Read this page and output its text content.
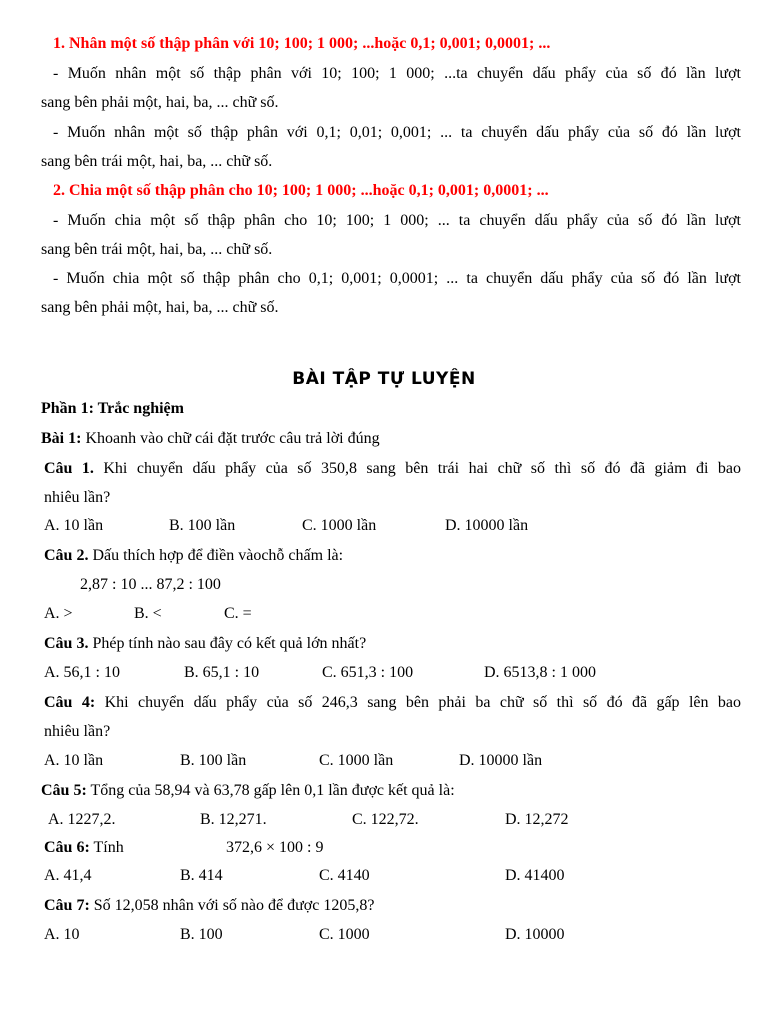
1. Nhân một số thập phân với 10; 100; 1 000; ...hoặc 0,1; 0,001; 0,0001; ...
- Muốn nhân một số thập phân với 10; 100; 1 000; ...ta chuyển dấu phẩy của số đó lần lượt
sang bên phải một, hai, ba, ... chữ số.
- Muốn nhân một số thập phân với 0,1; 0,01; 0,001; ... ta chuyển dấu phẩy của số đó lần lượt
sang bên trái một, hai, ba, ... chữ số.
2. Chia một số thập phân cho 10; 100; 1 000; ...hoặc 0,1; 0,001; 0,0001; ...
- Muốn chia một số thập phân cho 10; 100; 1 000; ... ta chuyển dấu phẩy của số đó lần lượt
sang bên trái một, hai, ba, ... chữ số.
- Muốn chia một số thập phân cho 0,1; 0,001; 0,0001; ... ta chuyển dấu phẩy của số đó lần lượt
sang bên phải một, hai, ba, ... chữ số.
BÀI TẬP TỰ LUYỆN
Phần 1: Trắc nghiệm
Bài 1: Khoanh vào chữ cái đặt trước câu trả lời đúng
Câu 1. Khi chuyển dấu phẩy của số 350,8 sang bên trái hai chữ số thì số đó đã giảm đi bao
nhiêu lần?
A. 10 lần	B. 100 lần	C. 1000 lần	D. 10000 lần
Câu 2. Dấu thích hợp để điền vàochỗ chấm là:
2,87 : 10 ... 87,2 : 100
A. >	B. <	C. =
Câu 3. Phép tính nào sau đây có kết quả lớn nhất?
A. 56,1 : 10	B. 65,1 : 10	C. 651,3 : 100	D. 6513,8 : 1 000
Câu 4: Khi chuyển dấu phẩy của số 246,3 sang bên phải ba chữ số thì số đó đã gấp lên bao
nhiêu lần?
A. 10 lần	B. 100 lần	C. 1000 lần	D. 10000 lần
Câu 5: Tổng của 58,94 và 63,78 gấp lên 0,1 lần được kết quả là:
A. 1227,2.	B. 12,271.	C. 122,72.	D. 12,272
Câu 6: Tính	372,6 × 100 : 9
A. 41,4	B. 414	C. 4140	D. 41400
Câu 7: Số 12,058 nhân với số nào để được 1205,8?
A. 10	B. 100	C. 1000	D. 10000
